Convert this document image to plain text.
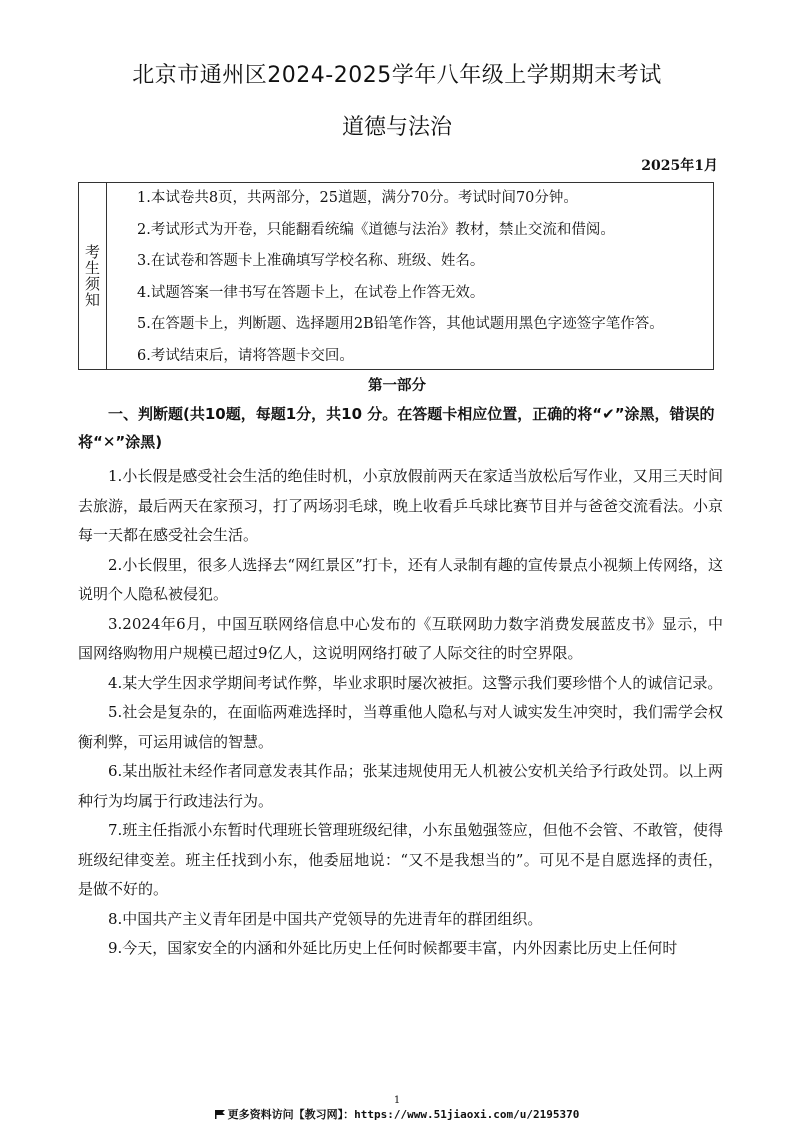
北京市通州区2024-2025学年八年级上学期期末考试
道德与法治
2025年1月
考生须知
1.本试卷共8页，共两部分，25道题，满分70分。考试时间70分钟。
2.考试形式为开卷，只能翻看统编《道德与法治》教材，禁止交流和借阅。
3.在试卷和答题卡上准确填写学校名称、班级、姓名。
4.试题答案一律书写在答题卡上，在试卷上作答无效。
5.在答题卡上，判断题、选择题用2B铅笔作答，其他试题用黑色字迹签字笔作答。
6.考试结束后，请将答题卡交回。
第一部分
一、判断题(共10题，每题1分，共10 分。在答题卡相应位置，正确的将“✔”涂黑，错误的将“✕”涂黑)

1.小长假是感受社会生活的绝佳时机，小京放假前两天在家适当放松后写作业，又用三天时间去旅游，最后两天在家预习，打了两场羽毛球，晚上收看乒乓球比赛节目并与爸爸交流看法。小京每一天都在感受社会生活。

2.小长假里，很多人选择去“网红景区”打卡，还有人录制有趣的宣传景点小视频上传网络，这说明个人隐私被侵犯。

3.2024年6月，中国互联网络信息中心发布的《互联网助力数字消费发展蓝皮书》显示，中国网络购物用户规模已超过9亿人，这说明网络打破了人际交往的时空界限。

4.某大学生因求学期间考试作弊，毕业求职时屡次被拒。这警示我们要珍惜个人的诚信记录。

5.社会是复杂的，在面临两难选择时，当尊重他人隐私与对人诚实发生冲突时，我们需学会权衡利弊，可运用诚信的智慧。

6.某出版社未经作者同意发表其作品；张某违规使用无人机被公安机关给予行政处罚。以上两种行为均属于行政违法行为。

7.班主任指派小东暂时代理班长管理班级纪律，小东虽勉强签应，但他不会管、不敢管，使得班级纪律变差。班主任找到小东，他委屈地说：“又不是我想当的”。可见不是自愿选择的责任，是做不好的。

8.中国共产主义青年团是中国共产党领导的先进青年的群团组织。

9.今天，国家安全的内涵和外延比历史上任何时候都要丰富，内外因素比历史上任何时

1
更多资料访问【教习网】：https://www.51jiaoxi.com/u/2195370
